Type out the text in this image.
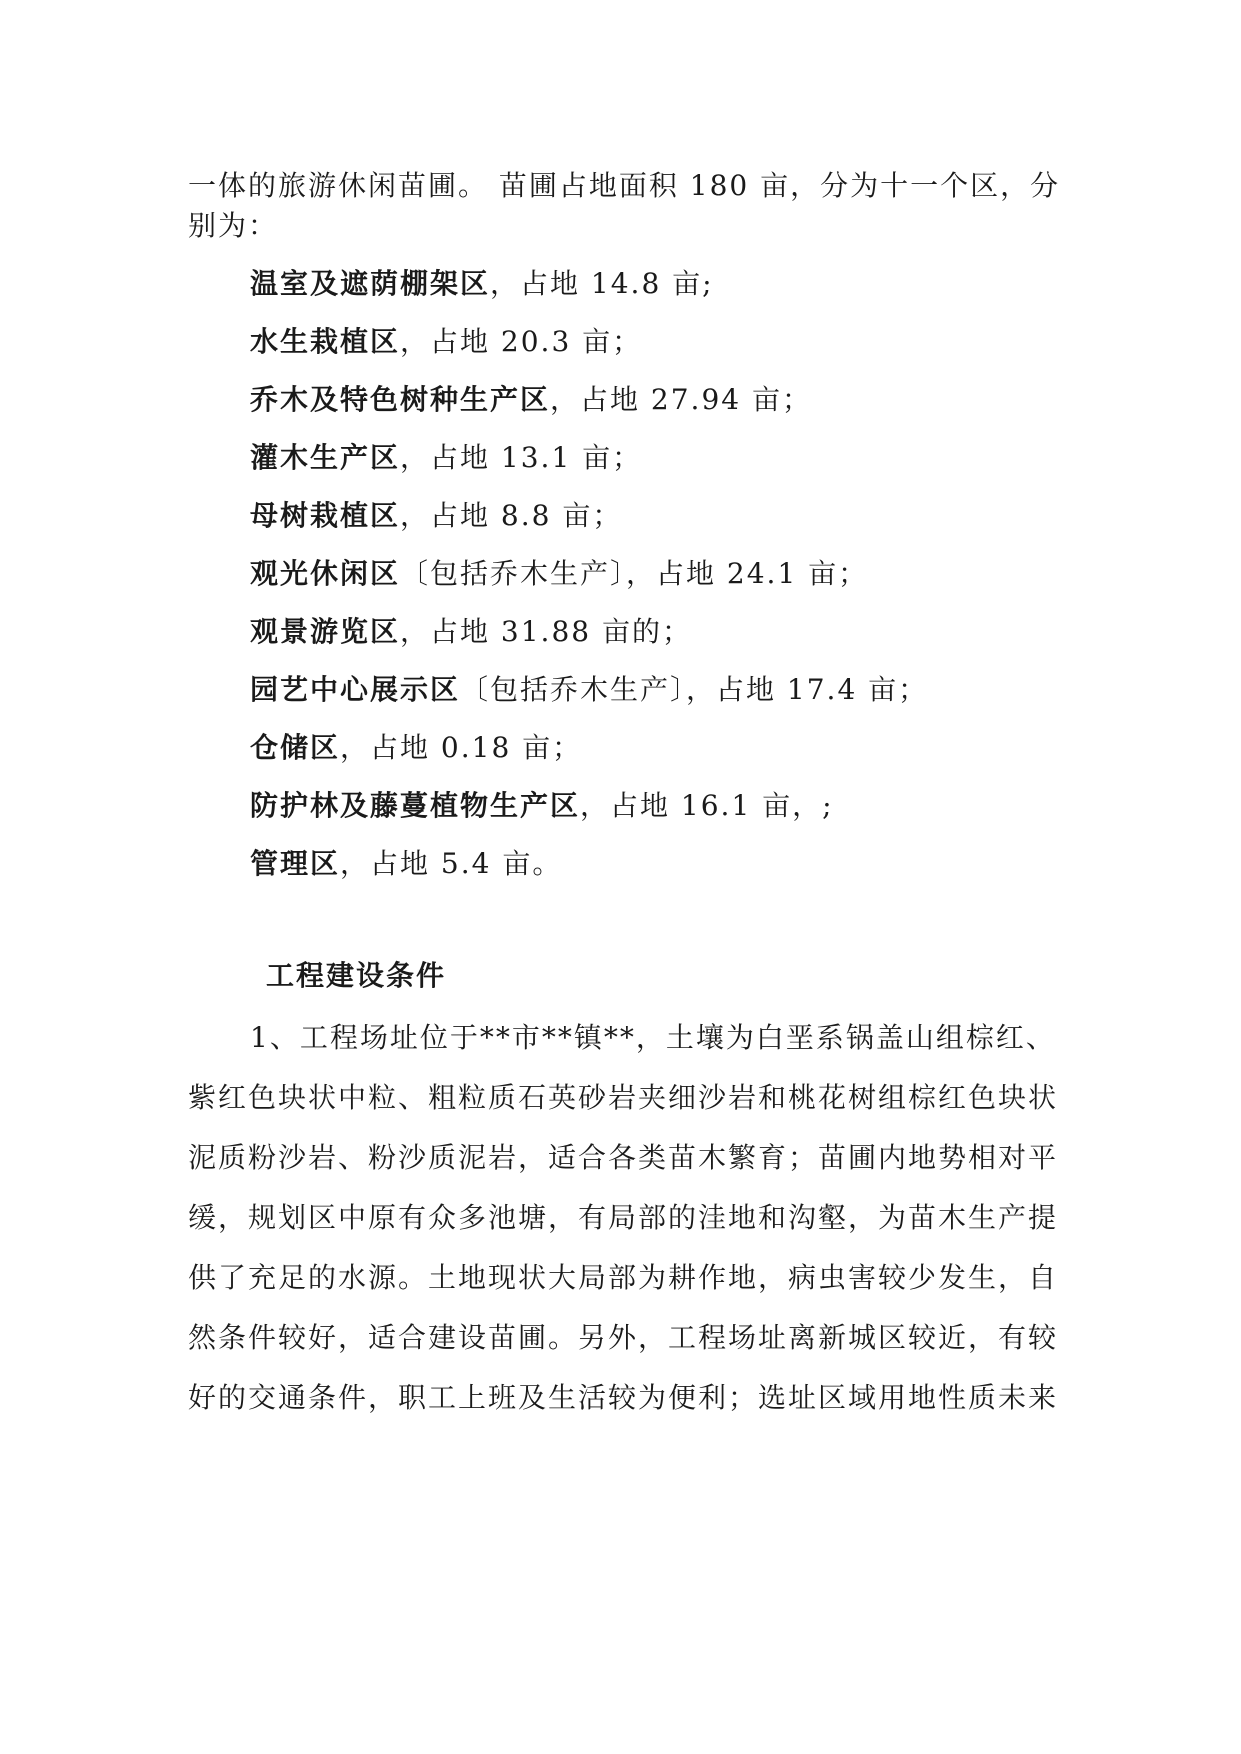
一体的旅游休闲苗圃。 苗圃占地面积 180 亩，分为十一个区，分
别为：
温室及遮荫棚架区，占地 14.8 亩;
水生栽植区，占地 20.3 亩；
乔木及特色树种生产区，占地 27.94 亩；
灌木生产区，占地 13.1 亩；
母树栽植区，占地 8.8 亩；
观光休闲区〔包括乔木生产〕，占地 24.1 亩；
观景游览区，占地 31.88 亩的；
园艺中心展示区〔包括乔木生产〕，占地 17.4 亩；
仓储区，占地 0.18 亩；
防护林及藤蔓植物生产区，占地 16.1 亩，;
管理区，占地 5.4 亩。
工程建设条件
1、工程场址位于**市**镇**，土壤为白垩系锅盖山组棕红、
紫红色块状中粒、粗粒质石英砂岩夹细沙岩和桃花树组棕红色块状
泥质粉沙岩、粉沙质泥岩，适合各类苗木繁育；苗圃内地势相对平
缓，规划区中原有众多池塘，有局部的洼地和沟壑，为苗木生产提
供了充足的水源。土地现状大局部为耕作地，病虫害较少发生，自
然条件较好，适合建设苗圃。另外，工程场址离新城区较近，有较
好的交通条件，职工上班及生活较为便利；选址区域用地性质未来
